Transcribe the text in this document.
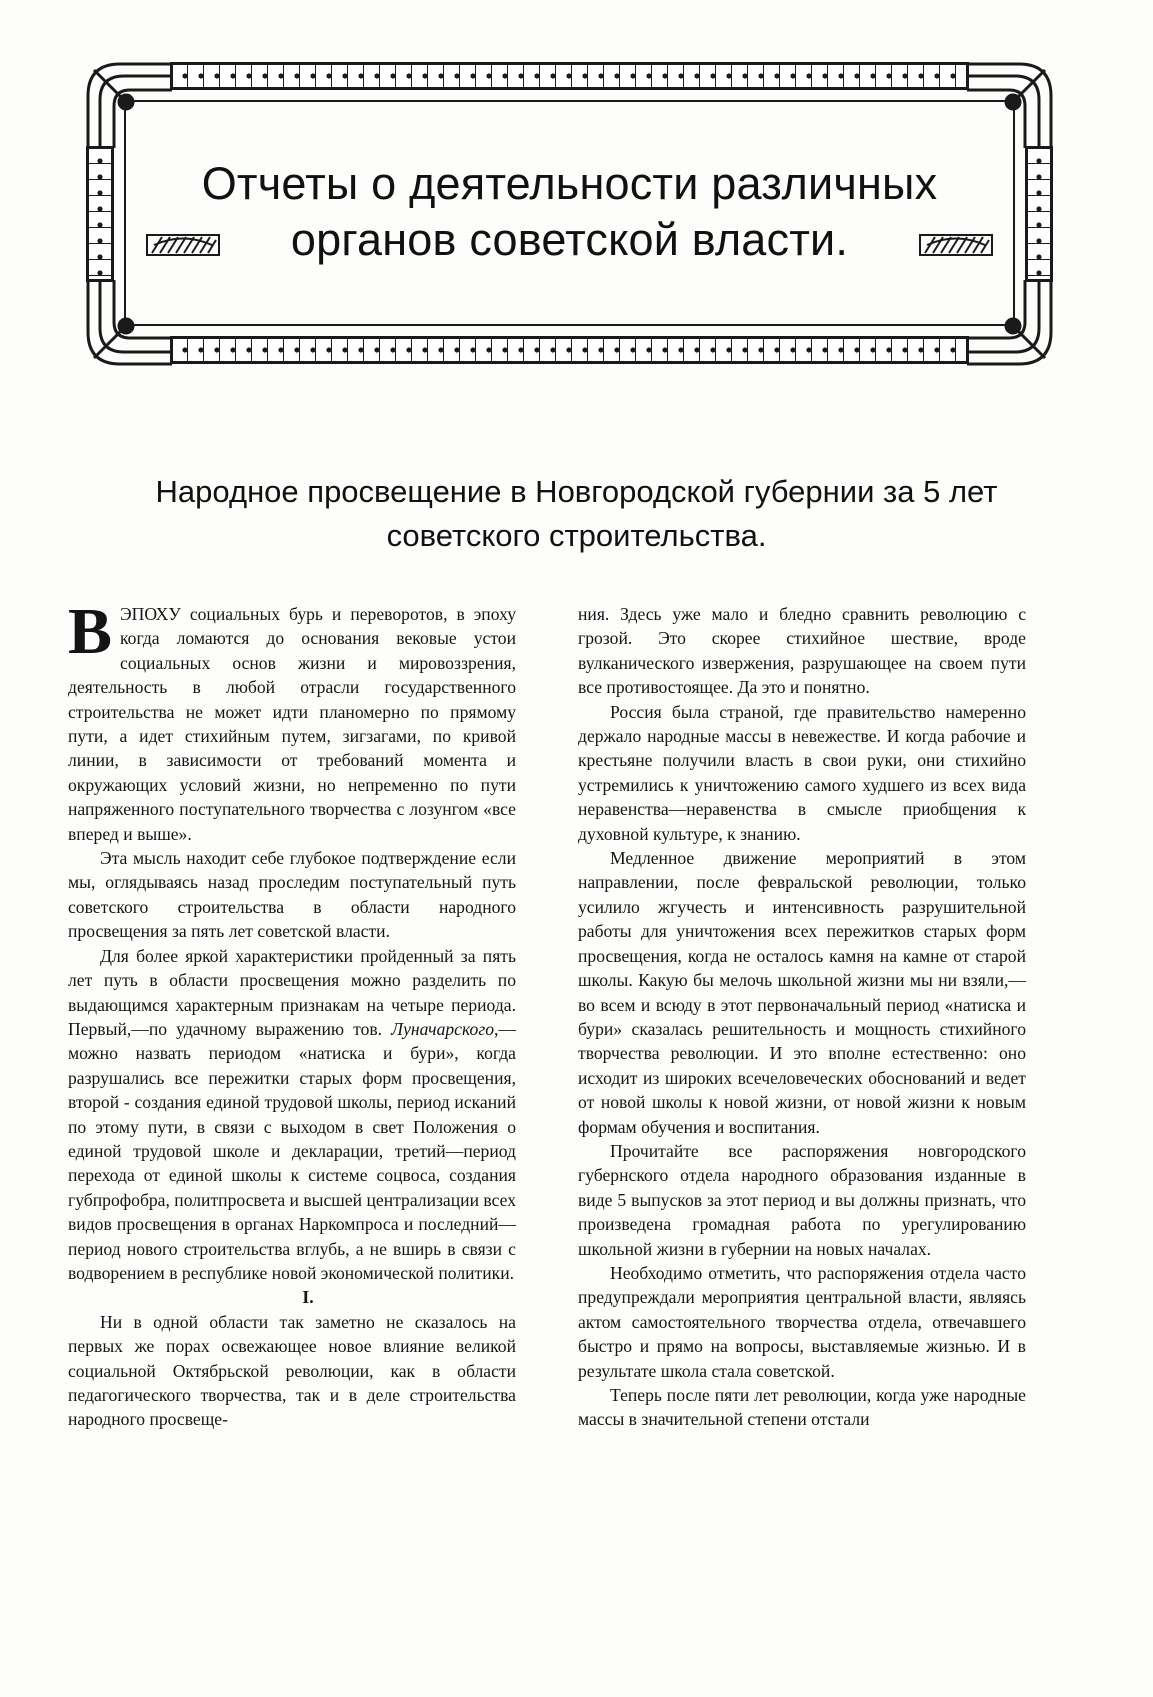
Отчеты о деятельности различных
органов советской власти.
Народное просвещение в Новгородской губернии за 5 лет
советского строительства.

ВЭПОХУ социальных бурь и переворотов, в эпоху когда ломаются до основания вековые устои социальных основ жизни и мировоззрения, деятельность в любой отрасли государственного строительства не может идти планомерно по прямому пути, а идет стихийным путем, зигзагами, по кривой линии, в зависимости от требований момента и окружающих условий жизни, но непременно по пути напряженного поступательного творчества с лозунгом «все вперед и выше».

Эта мысль находит себе глубокое подтверждение если мы, оглядываясь назад проследим поступательный путь советского строительства в области народного просвещения за пять лет советской власти.

Для более яркой характеристики пройденный за пять лет путь в области просвещения можно разделить по выдающимся характерным признакам на четыре периода. Первый,—по удачному выражению тов. Луначарского,—можно назвать периодом «натиска и бури», когда разрушались все пережитки старых форм просвещения, второй - создания единой трудовой школы, период исканий по этому пути, в связи с выходом в свет Положения о единой трудовой школе и декларации, третий—период перехода от единой школы к системе соцвоса, создания губпрофобра, политпросвета и высшей централизации всех видов просвещения в органах Наркомпроса и последний—период нового строительства вглубь, а не вширь в связи с водворением в республике новой экономической политики.

I.

Ни в одной области так заметно не сказалось на первых же порах освежающее новое влияние великой социальной Октябрьской революции, как в области педагогического творчества, так и в деле строительства народного просвеще-

ния. Здесь уже мало и бледно сравнить революцию с грозой. Это скорее стихийное шествие, вроде вулканического извержения, разрушающее на своем пути все противостоящее. Да это и понятно.

Россия была страной, где правительство намеренно держало народные массы в невежестве. И когда рабочие и крестьяне получили власть в свои руки, они стихийно устремились к уничтожению самого худшего из всех вида неравенства—неравенства в смысле приобщения к духовной культуре, к знанию.

Медленное движение мероприятий в этом направлении, после февральской революции, только усилило жгучесть и интенсивность разрушительной работы для уничтожения всех пережитков старых форм просвещения, когда не осталось камня на камне от старой школы. Какую бы мелочь школьной жизни мы ни взяли,—во всем и всюду в этот первоначальный период «натиска и бури» сказалась решительность и мощность стихийного творчества революции. И это вполне естественно: оно исходит из широких всечеловеческих обоснований и ведет от новой школы к новой жизни, от новой жизни к новым формам обучения и воспитания.

Прочитайте все распоряжения новгородского губернского отдела народного образования изданные в виде 5 выпусков за этот период и вы должны признать, что произведена громадная работа по урегулированию школьной жизни в губернии на новых началах.

Необходимо отметить, что распоряжения отдела часто предупреждали мероприятия центральной власти, являясь актом самостоятельного творчества отдела, отвечавшего быстро и прямо на вопросы, выставляемые жизнью. И в результате школа стала советской.

Теперь после пяти лет революции, когда уже народные массы в значительной степени отстали
